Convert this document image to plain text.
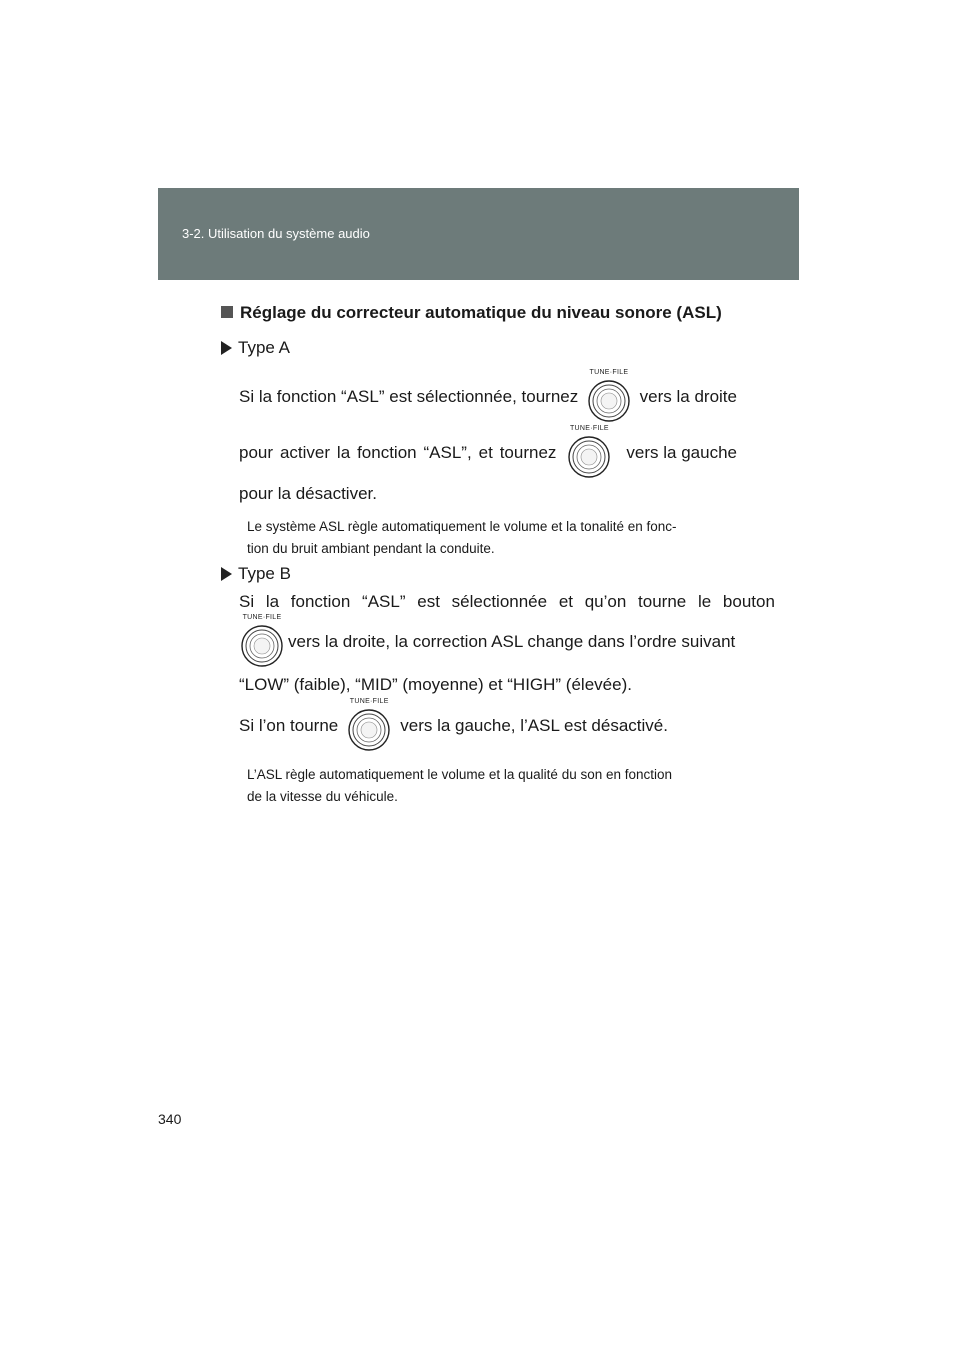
3-2. Utilisation du système audio
Réglage du correcteur automatique du niveau sonore (ASL)
Type A
Si la fonction “ASL” est sélectionnée, tournez
TUNE·FILE
vers la droite
pour activer la fonction “ASL”, et tournez
TUNE·FILE
vers la gauche
pour la désactiver.
Le système ASL règle automatiquement le volume et la tonalité en fonc-
tion du bruit ambiant pendant la conduite.
Type B
Si la fonction “ASL” est sélectionnée et qu’on tourne le bouton
TUNE·FILE
vers la droite, la correction ASL change dans l’ordre suivant
“LOW” (faible), “MID” (moyenne) et “HIGH” (élevée).
Si l’on tourne
TUNE·FILE
vers la gauche, l’ASL est désactivé.
L’ASL règle automatiquement le volume et la qualité du son en fonction
de la vitesse du véhicule.
340
